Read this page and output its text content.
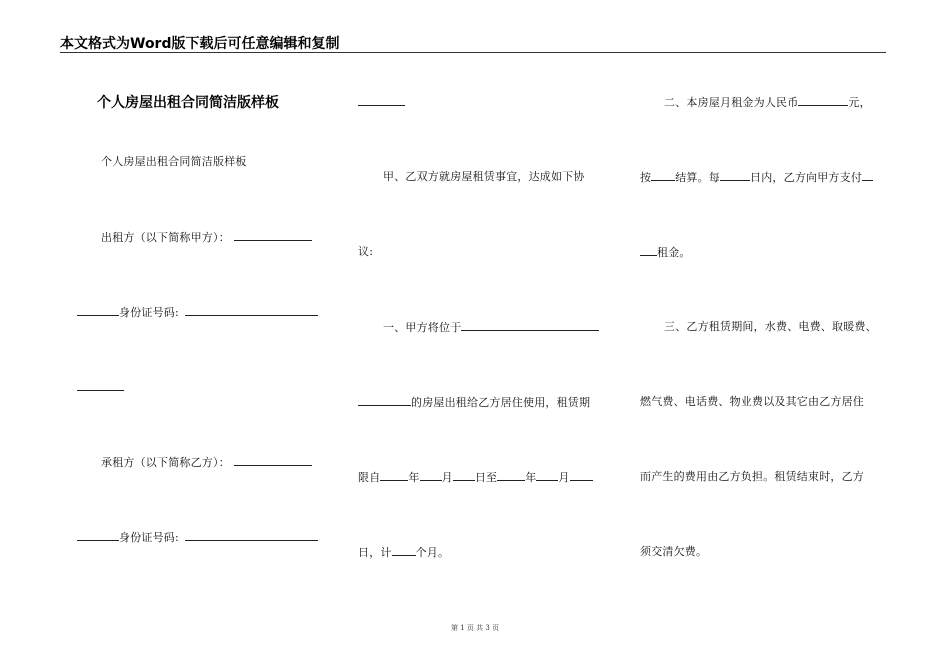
本文格式为Word版下载后可任意编辑和复制
个人房屋出租合同简洁版样板
个人房屋出租合同简洁版样板
出租方（以下简称甲方）：
身份证号码:
承租方（以下简称乙方）：
身份证号码:
甲、乙双方就房屋租赁事宜，达成如下协
议:
一、甲方将位于
的房屋出租给乙方居住使用，租赁期
限自	年 月 日至	年 月
日，计 个月。
二、本房屋月租金为人民币	元，
按 结算。每	日内，乙方向甲方支付
租金。
三、乙方租赁期间，水费、电费、取暖费、
燃气费、电话费、物业费以及其它由乙方居住
而产生的费用由乙方负担。租赁结束时，乙方
须交清欠费。
第 1 页 共 3 页
